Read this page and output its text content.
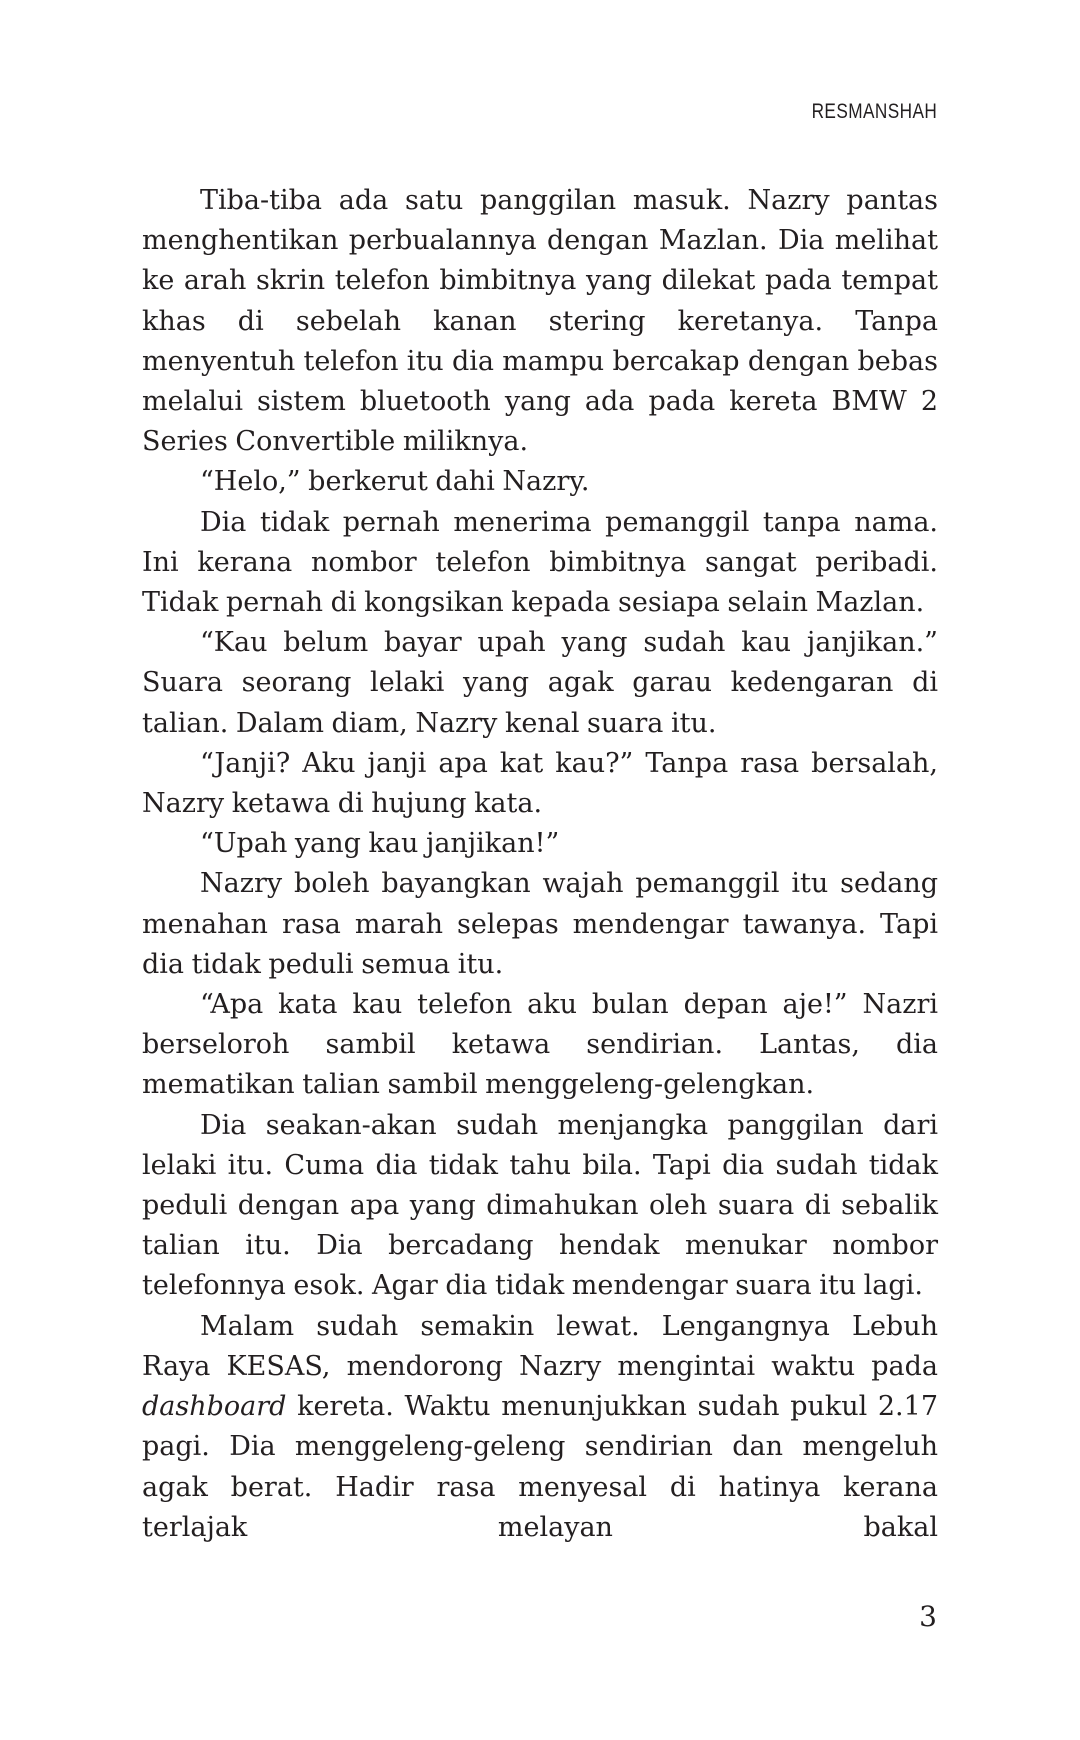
RESMANSHAH

Tiba-tiba ada satu panggilan masuk. Nazry pantas menghentikan perbualannya dengan Mazlan. Dia melihat ke arah skrin telefon bimbitnya yang dilekat pada tempat khas di sebelah kanan stering keretanya. Tanpa menyentuh telefon itu dia mampu bercakap dengan bebas melalui sistem bluetooth yang ada pada kereta BMW 2 Series Convertible miliknya.

“Helo,” berkerut dahi Nazry.

Dia tidak pernah menerima pemanggil tanpa nama. Ini kerana nombor telefon bimbitnya sangat peribadi. Tidak pernah di kongsikan kepada sesiapa selain Mazlan.

“Kau belum bayar upah yang sudah kau janjikan.” Suara seorang lelaki yang agak garau kedengaran di talian. Dalam diam, Nazry kenal suara itu.

“Janji? Aku janji apa kat kau?” Tanpa rasa bersalah, Nazry ketawa di hujung kata.

“Upah yang kau janjikan!”

Nazry boleh bayangkan wajah pemanggil itu sedang menahan rasa marah selepas mendengar tawanya. Tapi dia tidak peduli semua itu.

“Apa kata kau telefon aku bulan depan aje!” Nazri berseloroh sambil ketawa sendirian. Lantas, dia mematikan talian sambil menggeleng-gelengkan.

Dia seakan-akan sudah menjangka panggilan dari lelaki itu. Cuma dia tidak tahu bila. Tapi dia sudah tidak peduli dengan apa yang dimahukan oleh suara di sebalik talian itu. Dia bercadang hendak menukar nombor telefonnya esok. Agar dia tidak mendengar suara itu lagi.

Malam sudah semakin lewat. Lengangnya Lebuh Raya KESAS, mendorong Nazry mengintai waktu pada dashboard kereta. Waktu menunjukkan sudah pukul 2.17 pagi. Dia menggeleng-geleng sendirian dan mengeluh agak berat. Hadir rasa menyesal di hatinya kerana terlajak melayan bakal

3
